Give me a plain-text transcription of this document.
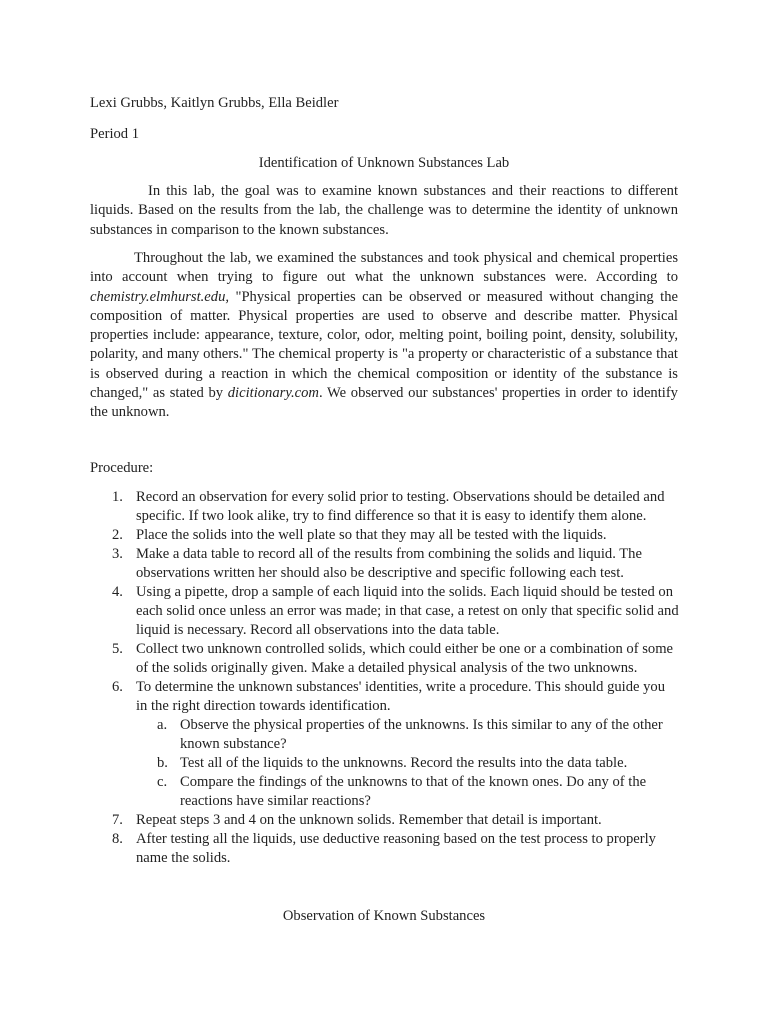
Lexi Grubbs, Kaitlyn Grubbs, Ella Beidler
Period 1
Identification of Unknown Substances Lab

In this lab, the goal was to examine known substances and their reactions to different liquids. Based on the results from the lab, the challenge was to determine the identity of unknown substances in comparison to the known substances.

Throughout the lab, we examined the substances and took physical and chemical properties into account when trying to figure out what the unknown substances were. According to chemistry.elmhurst.edu, "Physical properties can be observed or measured without changing the composition of matter. Physical properties are used to observe and describe matter. Physical properties include: appearance, texture, color, odor, melting point, boiling point, density, solubility, polarity, and many others." The chemical property is "a property or characteristic of a substance that is observed during a reaction in which the chemical composition or identity of the substance is changed," as stated by dicitionary.com. We observed our substances' properties in order to identify the unknown.

Procedure:
1. Record an observation for every solid prior to testing. Observations should be detailed and specific. If two look alike, try to find difference so that it is easy to identify them alone.
2. Place the solids into the well plate so that they may all be tested with the liquids.
3. Make a data table to record all of the results from combining the solids and liquid. The observations written her should also be descriptive and specific following each test.
4. Using a pipette, drop a sample of each liquid into the solids. Each liquid should be tested on each solid once unless an error was made; in that case, a retest on only that specific solid and liquid is necessary. Record all observations into the data table.
5. Collect two unknown controlled solids, which could either be one or a combination of some of the solids originally given. Make a detailed physical analysis of the two unknowns.
6. To determine the unknown substances' identities, write a procedure. This should guide you in the right direction towards identification.
a. Observe the physical properties of the unknowns. Is this similar to any of the other known substance?
b. Test all of the liquids to the unknowns. Record the results into the data table.
c. Compare the findings of the unknowns to that of the known ones. Do any of the reactions have similar reactions?
7. Repeat steps 3 and 4 on the unknown solids. Remember that detail is important.
8. After testing all the liquids, use deductive reasoning based on the test process to properly name the solids.
Observation of Known Substances
